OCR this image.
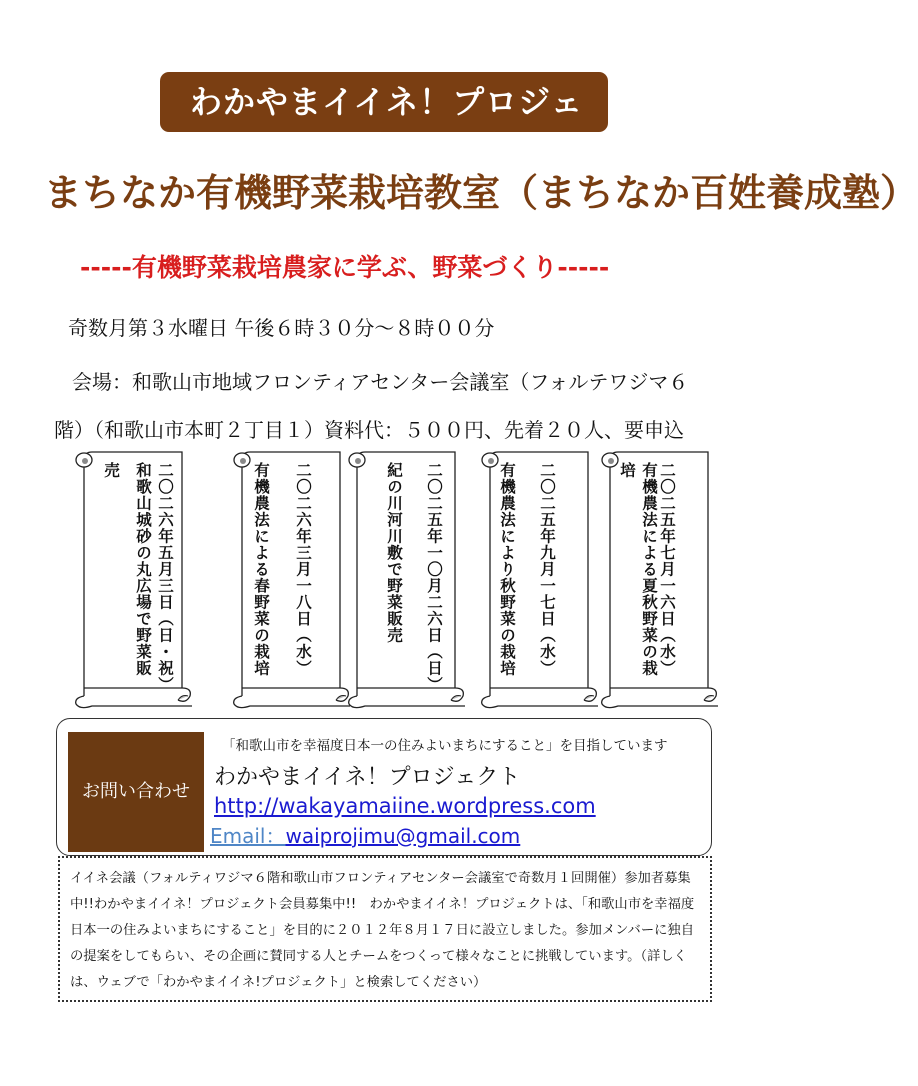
わかやまイイネ！プロジェクト
まちなか有機野菜栽培教室（まちなか百姓養成塾）
-----有機野菜栽培農家に学ぶ、野菜づくり-----
奇数月第３水曜日 午後６時３０分～８時００分
会場：和歌山市地域フロンティアセンター会議室（フォルテワジマ６
階）（和歌山市本町２丁目１）資料代：５００円、先着２０人、要申込
二〇二六年五月三日（日・祝）
和歌山城砂の丸広場で野菜販
売	二〇二六年三月一八日（水）
有機農法による春野菜の栽培	二〇二五年一〇月二六日（日）
紀の川河川敷で野菜販売	二〇二五年九月一七日（水）
有機農法により秋野菜の栽培	二〇二五年七月一六日（水）
有機農法による夏秋野菜の栽培
お問い合わせ
「和歌山市を幸福度日本一の住みよいまちにすること」を目指しています
わかやまイイネ！プロジェクト
http://wakayamaiine.wordpress.com
Email：waiprojimu@gmail.com
イイネ会議（フォルティワジマ６階和歌山市フロンティアセンター会議室で奇数月１回開催）参加者募集中!!わかやまイイネ！プロジェクト会員募集中!!　わかやまイイネ！プロジェクトは、「和歌山市を幸福度日本一の住みよいまちにすること」を目的に２０１２年８月１７日に設立しました。参加メンバーに独自の提案をしてもらい、その企画に賛同する人とチームをつくって様々なことに挑戦しています。（詳しくは、ウェブで「わかやまイイネ!プロジェクト」と検索してください）
